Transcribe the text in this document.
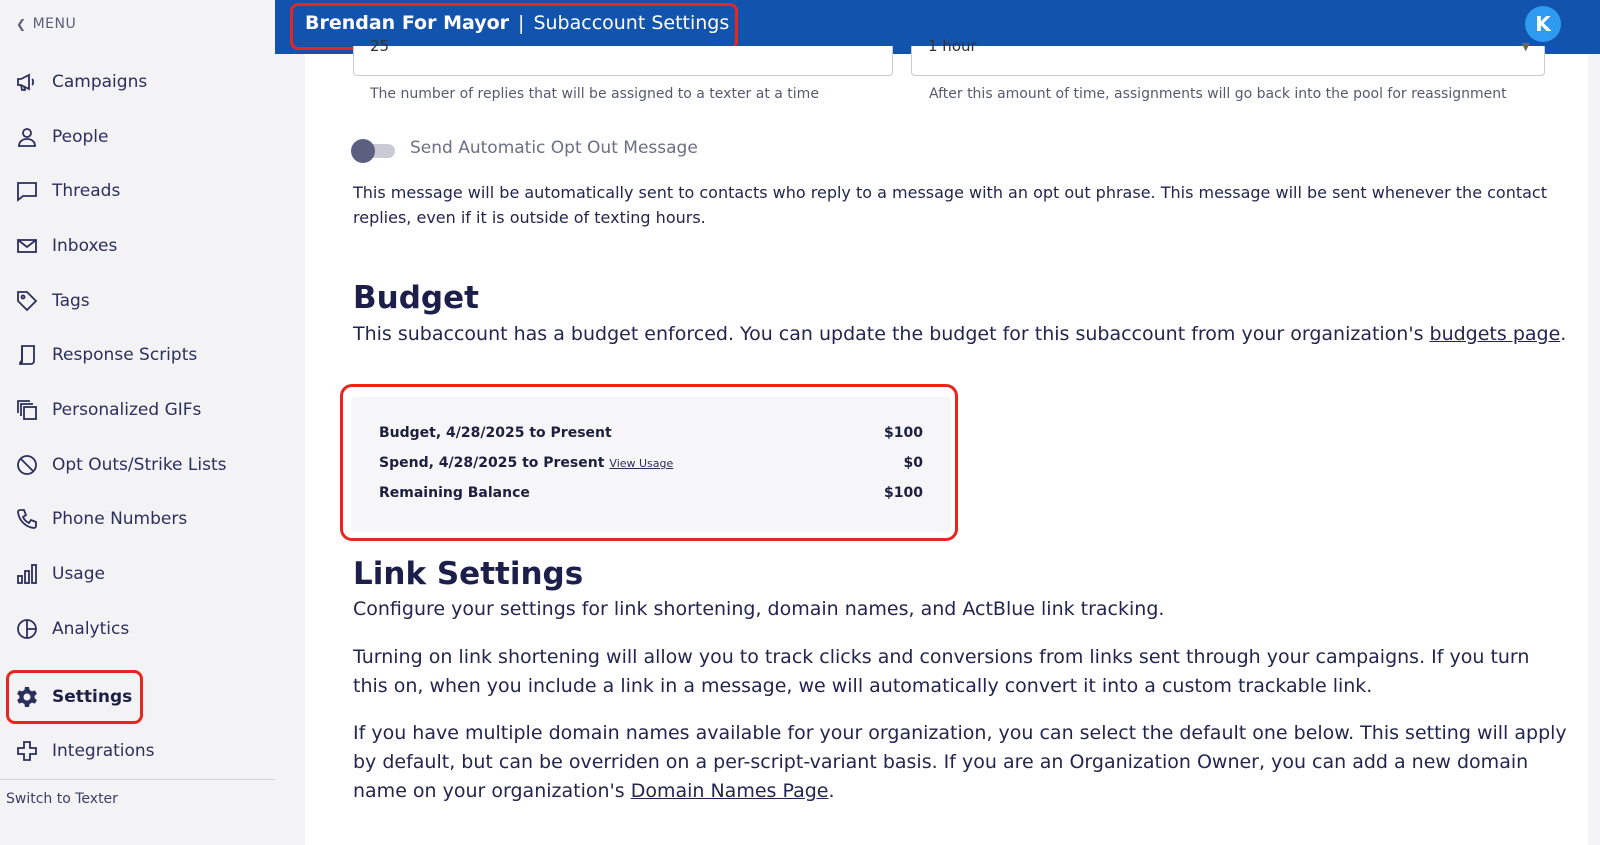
❮ MENU
Campaigns
People
Threads
Inboxes
Tags
Response Scripts
Personalized GIFs
Opt Outs/Strike Lists
Phone Numbers
Usage
Analytics
Settings
Integrations
Switch to Texter
Brendan For Mayor | Subaccount Settings	K
25
The number of replies that will be assigned to a texter at a time
1 hour	▼
After this amount of time, assignments will go back into the pool for reassignment
Send Automatic Opt Out Message
This message will be automatically sent to contacts who reply to a message with an opt out phrase. This message will be sent whenever the contact replies, even if it is outside of texting hours.
Budget
This subaccount has a budget enforced. You can update the budget for this subaccount from your organization's budgets page.
Budget, 4/28/2025 to Present	$100
Spend, 4/28/2025 to Present View Usage	$0
Remaining Balance	$100
Link Settings
Configure your settings for link shortening, domain names, and ActBlue link tracking.
Turning on link shortening will allow you to track clicks and conversions from links sent through your campaigns. If you turn this on, when you include a link in a message, we will automatically convert it into a custom trackable link.
If you have multiple domain names available for your organization, you can select the default one below. This setting will apply by default, but can be overriden on a per-script-variant basis. If you are an Organization Owner, you can add a new domain name on your organization's Domain Names Page.
